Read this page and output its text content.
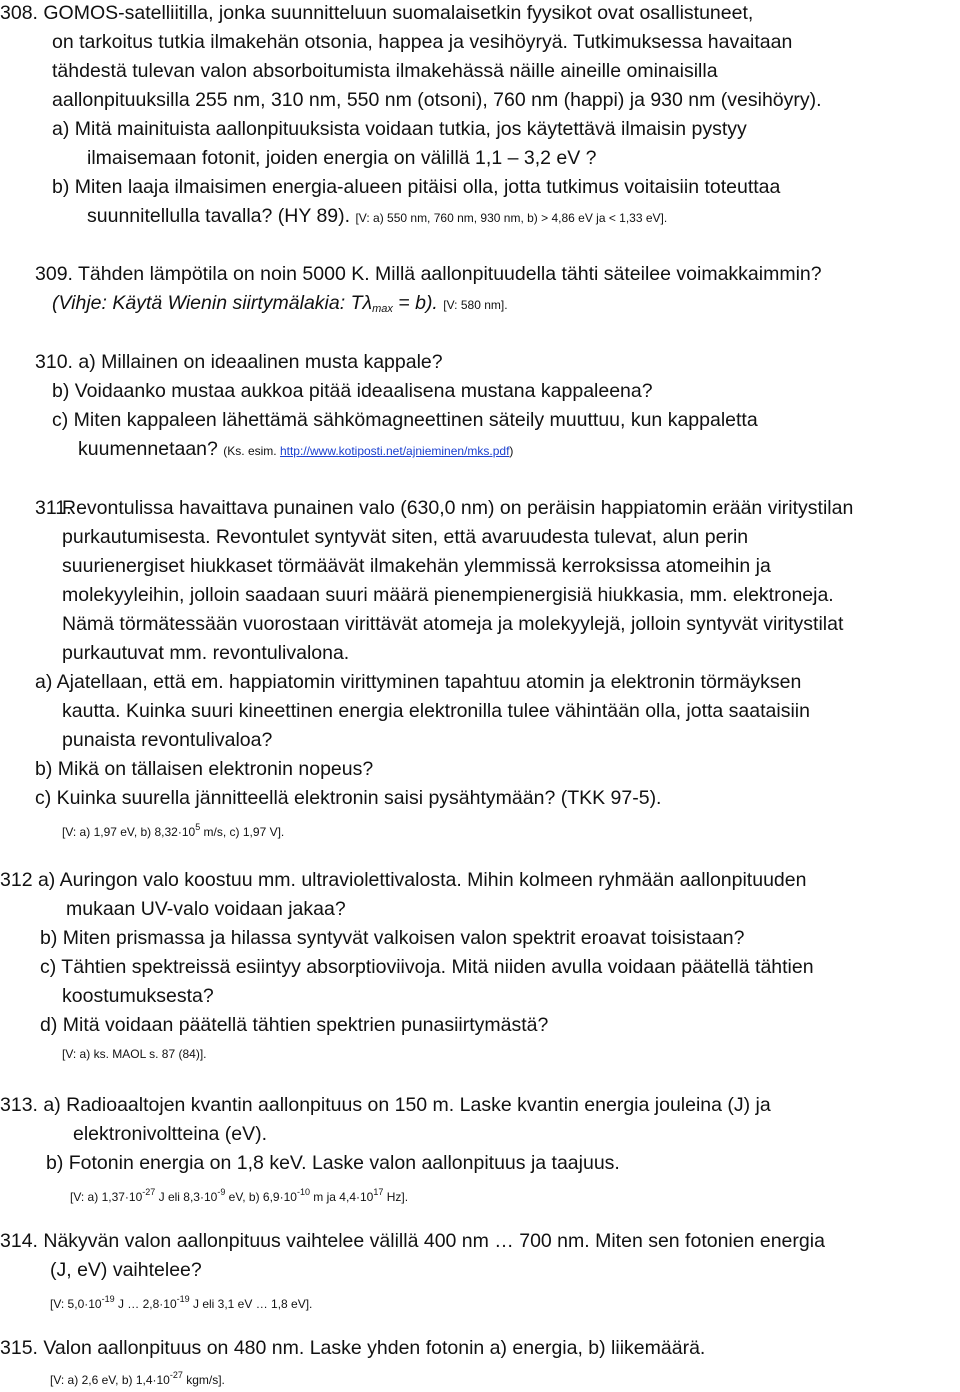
308. GOMOS-satelliitilla, jonka suunnitteluun suomalaisetkin fyysikot ovat osallistuneet,
on tarkoitus tutkia ilmakehän otsonia, happea ja vesihöyryä. Tutkimuksessa havaitaan
tähdestä tulevan valon absorboitumista ilmakehässä näille aineille ominaisilla
aallonpituuksilla 255 nm, 310 nm, 550 nm (otsoni), 760 nm (happi) ja 930 nm (vesihöyry).
a) Mitä mainituista aallonpituuksista voidaan tutkia, jos käytettävä ilmaisin pystyy
ilmaisemaan fotonit, joiden energia on välillä 1,1 – 3,2 eV ?
b) Miten laaja ilmaisimen energia-alueen pitäisi olla, jotta tutkimus voitaisiin toteuttaa
suunnitellulla tavalla? (HY 89). [V: a) 550 nm, 760 nm, 930 nm, b) > 4,86 eV ja < 1,33 eV].
309. Tähden lämpötila on noin 5000 K. Millä aallonpituudella tähti säteilee voimakkaimmin?
(Vihje: Käytä Wienin siirtymälakia: $T\lambda_{max} = b$). [V: 580 nm].
310. a) Millainen on ideaalinen musta kappale?
b) Voidaanko mustaa aukkoa pitää ideaalisena mustana kappaleena?
c) Miten kappaleen lähettämä sähkömagneettinen säteily muuttuu, kun kappaletta
kuumennetaan? (Ks. esim. http://www.kotiposti.net/ajnieminen/mks.pdf)
311.
Revontulissa havaittava punainen valo (630,0 nm) on peräisin happiatomin erään viritystilan
purkautumisesta. Revontulet syntyvät siten, että avaruudesta tulevat, alun perin
suurienergiset hiukkaset törmäävät ilmakehän ylemmissä kerroksissa atomeihin ja
molekyyleihin, jolloin saadaan suuri määrä pienempienergisiä hiukkasia, mm. elektroneja.
Nämä törmätessään vuorostaan virittävät atomeja ja molekyylejä, jolloin syntyvät viritystilat
purkautuvat mm. revontulivalona.
a) Ajatellaan, että em. happiatomin virittyminen tapahtuu atomin ja elektronin törmäyksen
kautta. Kuinka suuri kineettinen energia elektronilla tulee vähintään olla, jotta saataisiin
punaista revontulivaloa?
b) Mikä on tällaisen elektronin nopeus?
c) Kuinka suurella jännitteellä elektronin saisi pysähtymään? (TKK 97-5).
[V: a) 1,97 eV, b) $8,32\cdot 10^5$ m/s, c) 1,97 V].
312 a) Auringon valo koostuu mm. ultraviolettivalosta. Mihin kolmeen ryhmään aallonpituuden
mukaan UV-valo voidaan jakaa?
b) Miten prismassa ja hilassa syntyvät valkoisen valon spektrit eroavat toisistaan?
c) Tähtien spektreissä esiintyy absorptioviivoja. Mitä niiden avulla voidaan päätellä tähtien
koostumuksesta?
d) Mitä voidaan päätellä tähtien spektrien punasiirtymästä?
[V: a) ks. MAOL s. 87 (84)].
313. a) Radioaaltojen kvantin aallonpituus on 150 m. Laske kvantin energia jouleina (J) ja
elektronivoltteina (eV).
b) Fotonin energia on 1,8 keV. Laske valon aallonpituus ja taajuus.
[V: a) $1,37\cdot 10^{-27}$ J eli $8,3\cdot 10^{-9}$ eV, b) $6,9\cdot 10^{-10}$ m ja $4,4\cdot 10^{17}$ Hz].
314. Näkyvän valon aallonpituus vaihtelee välillä 400 nm … 700 nm. Miten sen fotonien energia
(J, eV) vaihtelee?
[V: $5,0\cdot 10^{-19}$ J … $2,8\cdot 10^{-19}$ J eli 3,1 eV … 1,8 eV].
315. Valon aallonpituus on 480 nm. Laske yhden fotonin a) energia, b) liikemäärä.
[V: a) 2,6 eV, b) $1,4\cdot 10^{-27}$ kgm/s].
